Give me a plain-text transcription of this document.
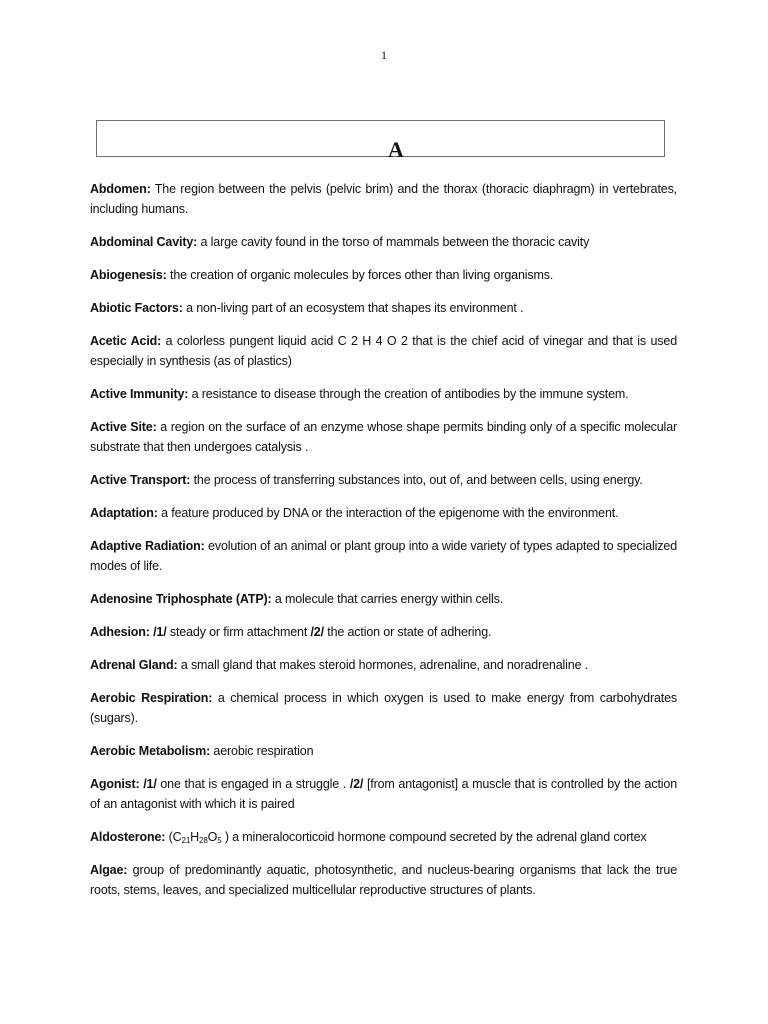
1
A

Abdomen: The region between the pelvis (pelvic brim) and the thorax (thoracic diaphragm) in vertebrates, including humans.

Abdominal Cavity: a large cavity found in the torso of mammals between the thoracic cavity

Abiogenesis: the creation of organic molecules by forces other than living organisms.

Abiotic Factors: a non-living part of an ecosystem that shapes its environment .

Acetic Acid: a colorless pungent liquid acid C 2 H 4 O 2 that is the chief acid of vinegar and that is used especially in synthesis (as of plastics)

Active Immunity: a resistance to disease through the creation of antibodies by the immune system.

Active Site: a region on the surface of an enzyme whose shape permits binding only of a specific molecular substrate that then undergoes catalysis .

Active Transport: the process of transferring substances into, out of, and between cells, using energy.

Adaptation: a feature produced by DNA or the interaction of the epigenome with the environment.

Adaptive Radiation: evolution of an animal or plant group into a wide variety of types adapted to specialized modes of life.

Adenosine Triphosphate (ATP): a molecule that carries energy within cells.

Adhesion: /1/ steady or firm attachment /2/ the action or state of adhering.

Adrenal Gland: a small gland that makes steroid hormones, adrenaline, and noradrenaline .

Aerobic Respiration: a chemical process in which oxygen is used to make energy from carbohydrates (sugars).

Aerobic Metabolism: aerobic respiration

Agonist: /1/ one that is engaged in a struggle . /2/ [from antagonist] a muscle that is controlled by the action of an antagonist with which it is paired

Aldosterone: ($C_{21}H_{28}O_5$ ) a mineralocorticoid hormone compound secreted by the adrenal gland cortex

Algae: group of predominantly aquatic, photosynthetic, and nucleus-bearing organisms that lack the true roots, stems, leaves, and specialized multicellular reproductive structures of plants.
